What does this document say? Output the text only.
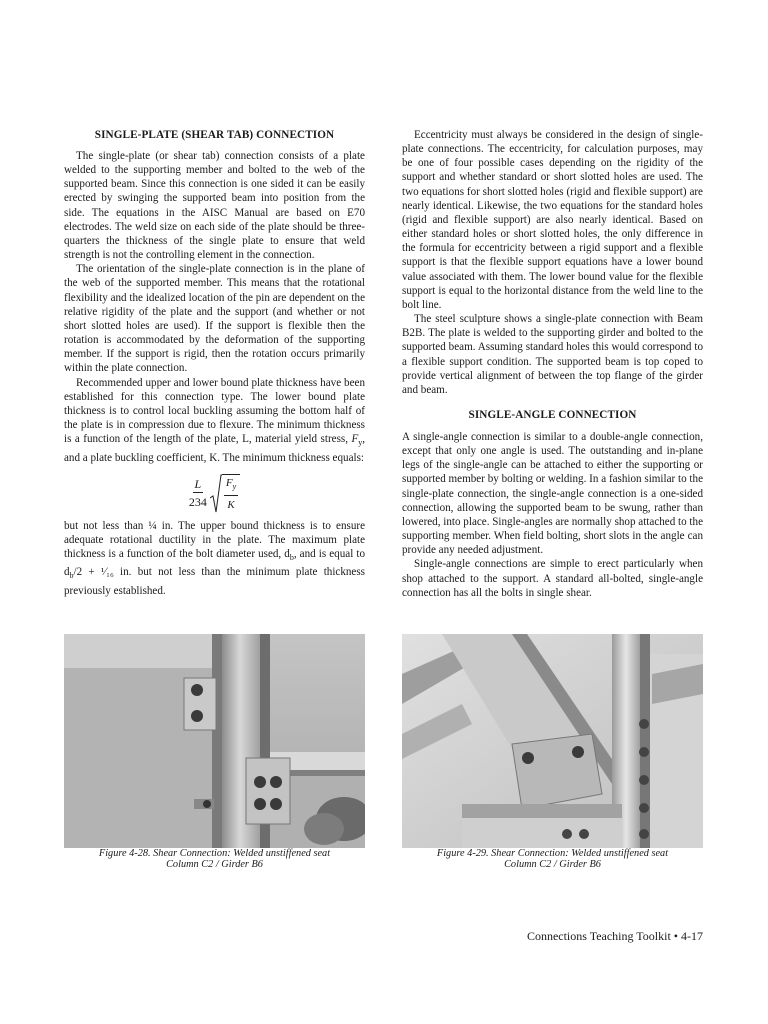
SINGLE-PLATE (SHEAR TAB) CONNECTION

The single-plate (or shear tab) connection consists of a plate welded to the supporting member and bolted to the web of the supported beam. Since this connection is one sided it can be easily erected by swinging the supported beam into position from the side. The equations in the AISC Manual are based on E70 electrodes. The weld size on each side of the plate should be three-quarters the thickness of the single plate to ensure that weld strength is not the controlling element in the connection.

The orientation of the single-plate connection is in the plane of the web of the supported member. This means that the rotational flexibility and the idealized location of the pin are dependent on the relative rigidity of the plate and the support (and whether or not short slotted holes are used). If the support is flexible then the rotation is accommodated by the deformation of the supporting member. If the support is rigid, then the rotation occurs primarily within the plate connection.

Recommended upper and lower bound plate thickness have been established for this connection type. The lower bound plate thickness is to control local buckling assuming the bottom half of the plate is in compression due to flexure. The minimum thickness is a function of the length of the plate, L, material yield stress, $F_y$, and a plate buckling coefficient, K. The minimum thickness equals:

$\frac{L}{234} \frac{F_y}{K}$

but not less than ¼ in. The upper bound thickness is to ensure adequate rotational ductility in the plate. The maximum plate thickness is a function of the bolt diameter used, $d_b$, and is equal to $d_b/2$ + ¹⁄₁₆ in. but not less than the minimum plate thickness previously established.

Eccentricity must always be considered in the design of single-plate connections. The eccentricity, for calculation purposes, may be one of four possible cases depending on the rigidity of the support and whether standard or short slotted holes are used. The two equations for short slotted holes (rigid and flexible support) are nearly identical. Likewise, the two equations for the standard holes (rigid and flexible support) are also nearly identical. Based on either standard holes or short slotted holes, the only difference in the formula for eccentricity between a rigid support and a flexible support is that the flexible support equations have a lower bound value associated with them. The lower bound value for the flexible support is equal to the horizontal distance from the weld line to the bolt line.

The steel sculpture shows a single-plate connection with Beam B2B. The plate is welded to the supporting girder and bolted to the supported beam. Assuming standard holes this would correspond to a flexible support condition. The supported beam is top coped to provide vertical alignment of between the top flange of the girder and beam.

SINGLE-ANGLE CONNECTION

A single-angle connection is similar to a double-angle connection, except that only one angle is used. The outstanding and in-plane legs of the single-angle can be attached to either the supporting or supported member by bolting or welding. In a fashion similar to the single-plate connection, the single-angle connection is a one-sided connection, allowing the supported beam to be swung, rather than lowered, into place. Single-angles are normally shop attached to the supporting member. When field bolting, short slots in the angle can provide any needed adjustment.

Single-angle connections are simple to erect particularly when shop attached to the support. A standard all-bolted, single-angle connection has all the bolts in single shear.

Figure 4-28. Shear Connection: Welded unstiffened seat
Column C2 / Girder B6
Figure 4-29. Shear Connection: Welded unstiffened seat
Column C2 / Girder B6
Connections Teaching Toolkit • 4-17
